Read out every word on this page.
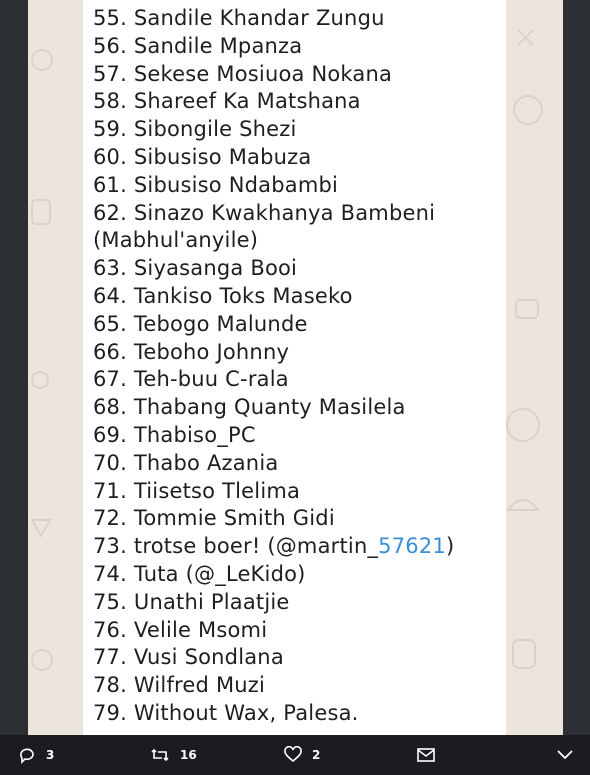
55. Sandile Khandar Zungu
56. Sandile Mpanza
57. Sekese Mosiuoa Nokana
58. Shareef Ka Matshana
59. Sibongile Shezi
60. Sibusiso Mabuza
61. Sibusiso Ndabambi
62. Sinazo Kwakhanya Bambeni
(Mabhul'anyile)
63. Siyasanga Booi
64. Tankiso Toks Maseko
65. Tebogo Malunde
66. Teboho Johnny
67. Teh-buu C-rala
68. Thabang Quanty Masilela
69. Thabiso_PC
70. Thabo Azania
71. Tiisetso Tlelima
72. Tommie Smith Gidi
73. trotse boer! (@martin_57621)
74. Tuta (@_LeKido)
75. Unathi Plaatjie
76. Velile Msomi
77. Vusi Sondlana
78. Wilfred Muzi
79. Without Wax, Palesa.
3	16	2
